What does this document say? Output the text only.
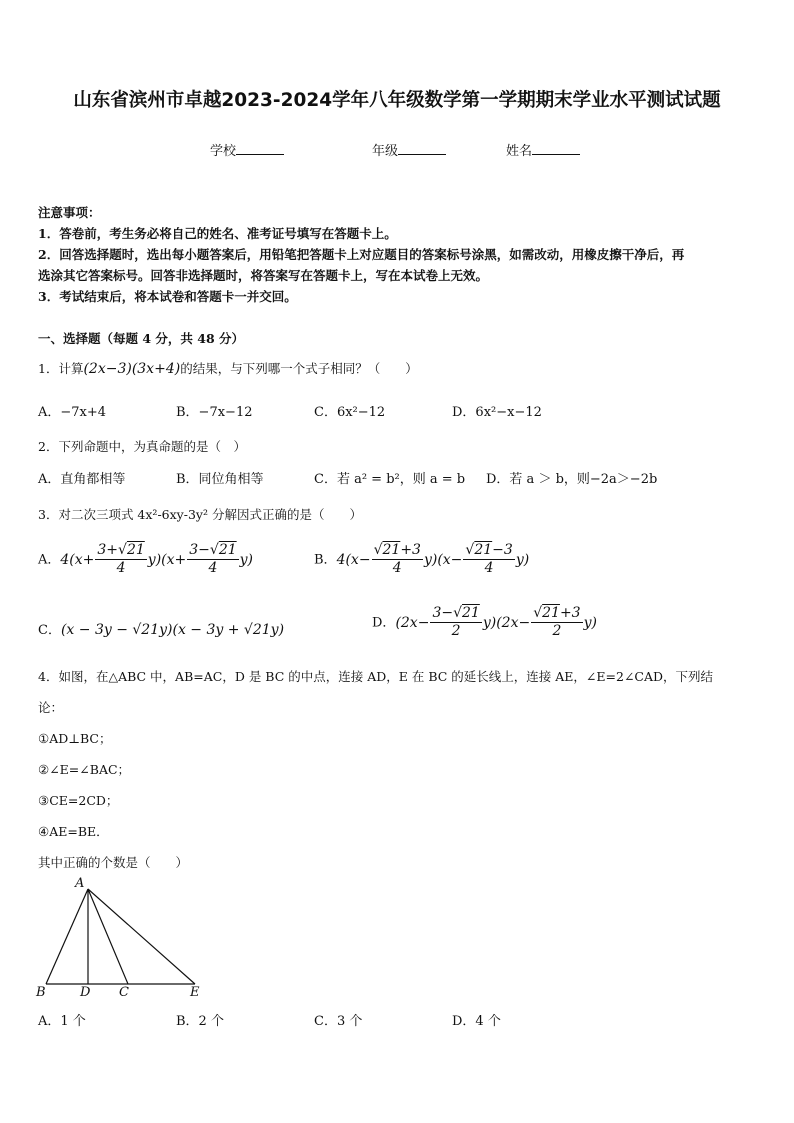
山东省滨州市卓越2023-2024学年八年级数学第一学期期末学业水平测试试题
学校	年级	姓名
注意事项：
1．答卷前，考生务必将自己的姓名、准考证号填写在答题卡上。
2．回答选择题时，选出每小题答案后，用铅笔把答题卡上对应题目的答案标号涂黑，如需改动，用橡皮擦干净后，再
选涂其它答案标号。回答非选择题时，将答案写在答题卡上，写在本试卷上无效。
3．考试结束后，将本试卷和答题卡一并交回。
一、选择题（每题 4 分，共 48 分）
1．计算(2x−3)(3x+4)的结果，与下列哪一个式子相同？（　　）
A．−7x+4	B．−7x−12	C．6x²−12	D．6x²−x−12
2．下列命题中，为真命题的是（　）
A．直角都相等	B．同位角相等	C．若 a² = b²，则 a = b D．若 a ＞ b，则−2a＞−2b
3．对二次三项式 4x²-6xy-3y² 分解因式正确的是（　　）
A．$4(x+ \frac{3+√21}{4} y)(x+ \frac{3-√21}{4} y)$	B．$4(x- \frac{√21+3}{4} y)(x- \frac{√21-3}{4} y)$
C．(x − 3y − √21y)(x − 3y + √21y)	D．$(2x- \frac{3-√21}{2} y)(2x- \frac{√21+3}{2} y)$
4．如图，在△ABC 中，AB=AC，D 是 BC 的中点，连接 AD，E 在 BC 的延长线上，连接 AE，∠E=2∠CAD，下列结
论：
①AD⊥BC；
②∠E=∠BAC；
③CE=2CD；
④AE=BE．
其中正确的个数是（　　）
A
B	D C	E
A．1 个	B．2 个	C．3 个	D．4 个
